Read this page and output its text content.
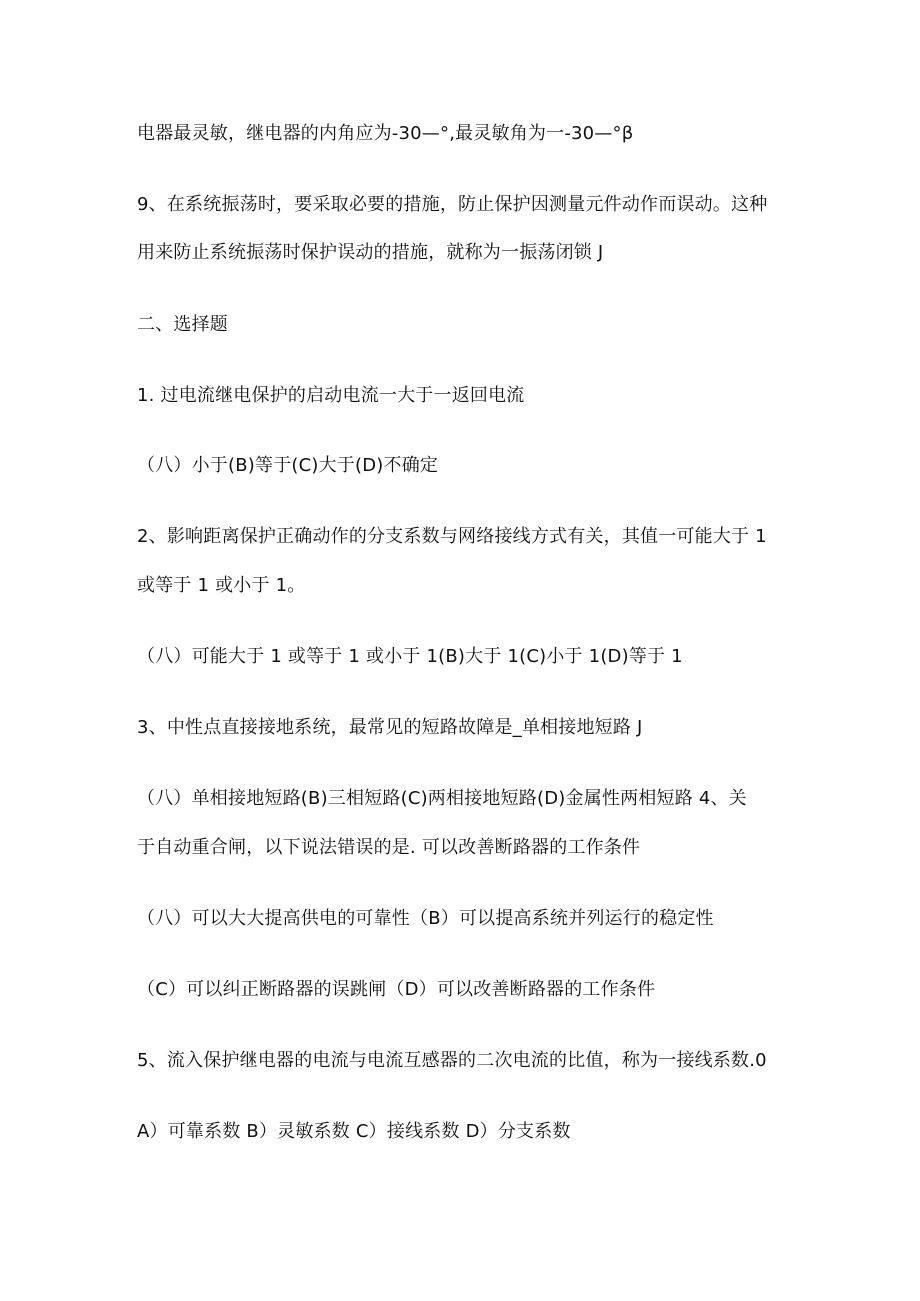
电器最灵敏，继电器的内角应为-30—°,最灵敏角为一-30—°β
9、在系统振荡时，要采取必要的措施，防止保护因测量元件动作而误动。这种
用来防止系统振荡时保护误动的措施，就称为一振荡闭锁 J
二、选择题
1. 过电流继电保护的启动电流一大于一返回电流
（八）小于(B)等于(C)大于(D)不确定
2、影响距离保护正确动作的分支系数与网络接线方式有关，其值一可能大于 1
或等于 1 或小于 1。
（八）可能大于 1 或等于 1 或小于 1(B)大于 1(C)小于 1(D)等于 1
3、中性点直接接地系统，最常见的短路故障是_单相接地短路 J
（八）单相接地短路(B)三相短路(C)两相接地短路(D)金属性两相短路 4、关
于自动重合闸，以下说法错误的是. 可以改善断路器的工作条件
（八）可以大大提高供电的可靠性（B）可以提高系统并列运行的稳定性
（C）可以纠正断路器的误跳闸（D）可以改善断路器的工作条件
5、流入保护继电器的电流与电流互感器的二次电流的比值，称为一接线系数.0
A）可靠系数 B）灵敏系数 C）接线系数 D）分支系数
